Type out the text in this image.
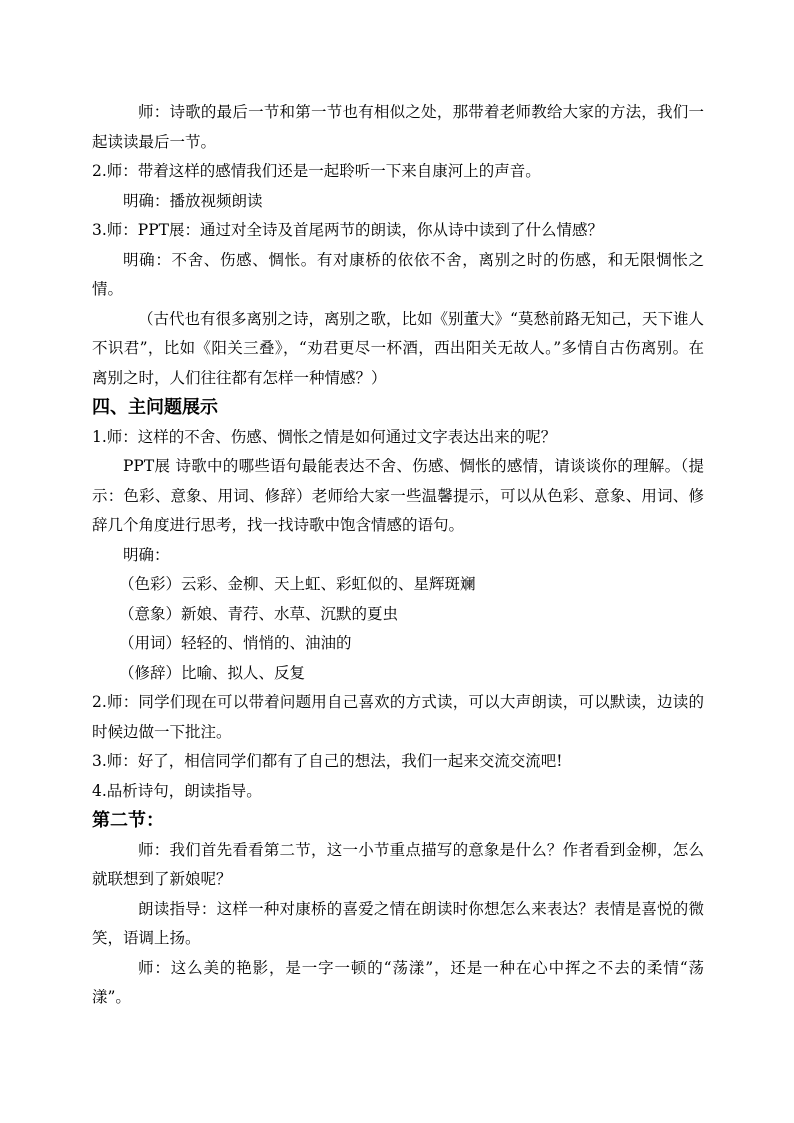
师：诗歌的最后一节和第一节也有相似之处，那带着老师教给大家的方法，我们一起读读最后一节。

2.师：带着这样的感情我们还是一起聆听一下来自康河上的声音。

明确：播放视频朗读

3.师：PPT展：通过对全诗及首尾两节的朗读，你从诗中读到了什么情感？

明确：不舍、伤感、惆怅。有对康桥的依依不舍，离别之时的伤感，和无限惆怅之情。

（古代也有很多离别之诗，离别之歌，比如《别董大》“莫愁前路无知己，天下谁人不识君”，比如《阳关三叠》，“劝君更尽一杯酒，西出阳关无故人。”多情自古伤离别。在离别之时，人们往往都有怎样一种情感？）

四、主问题展示

1.师：这样的不舍、伤感、惆怅之情是如何通过文字表达出来的呢？

PPT展 诗歌中的哪些语句最能表达不舍、伤感、惆怅的感情，请谈谈你的理解。（提示：色彩、意象、用词、修辞）老师给大家一些温馨提示，可以从色彩、意象、用词、修辞几个角度进行思考，找一找诗歌中饱含情感的语句。

明确：

（色彩）云彩、金柳、天上虹、彩虹似的、星辉斑斓

（意象）新娘、青荇、水草、沉默的夏虫

（用词）轻轻的、悄悄的、油油的

（修辞）比喻、拟人、反复

2.师：同学们现在可以带着问题用自己喜欢的方式读，可以大声朗读，可以默读，边读的时候边做一下批注。

3.师：好了，相信同学们都有了自己的想法，我们一起来交流交流吧!

4.品析诗句，朗读指导。

第二节：

师：我们首先看看第二节，这一小节重点描写的意象是什么？作者看到金柳，怎么就联想到了新娘呢？

朗读指导：这样一种对康桥的喜爱之情在朗读时你想怎么来表达？表情是喜悦的微笑，语调上扬。

师：这么美的艳影，是一字一顿的“荡漾”，还是一种在心中挥之不去的柔情“荡漾”。
